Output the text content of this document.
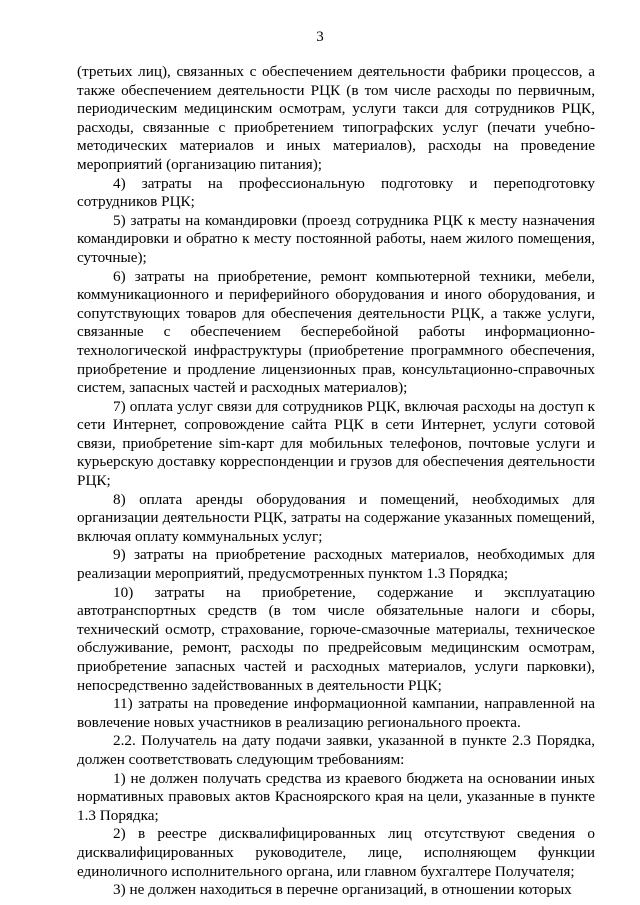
3

(третьих лиц), связанных с обеспечением деятельности фабрики процессов, а также обеспечением деятельности РЦК (в том числе расходы по первичным, периодическим медицинским осмотрам, услуги такси для сотрудников РЦК, расходы, связанные с приобретением типографских услуг (печати учебно-методических материалов и иных материалов), расходы на проведение мероприятий (организацию питания);

4) затраты на профессиональную подготовку и переподготовку сотрудников РЦК;

5) затраты на командировки (проезд сотрудника РЦК к месту назначения командировки и обратно к месту постоянной работы, наем жилого помещения, суточные);

6) затраты на приобретение, ремонт компьютерной техники, мебели, коммуникационного и периферийного оборудования и иного оборудования, и сопутствующих товаров для обеспечения деятельности РЦК, а также услуги, связанные с обеспечением бесперебойной работы информационно-технологической инфраструктуры (приобретение программного обеспечения, приобретение и продление лицензионных прав, консультационно-справочных систем, запасных частей и расходных материалов);

7) оплата услуг связи для сотрудников РЦК, включая расходы на доступ к сети Интернет, сопровождение сайта РЦК в сети Интернет, услуги сотовой связи, приобретение sim-карт для мобильных телефонов, почтовые услуги и курьерскую доставку корреспонденции и грузов для обеспечения деятельности РЦК;

8) оплата аренды оборудования и помещений, необходимых для организации деятельности РЦК, затраты на содержание указанных помещений, включая оплату коммунальных услуг;

9) затраты на приобретение расходных материалов, необходимых для реализации мероприятий, предусмотренных пунктом 1.3 Порядка;

10) затраты на приобретение, содержание и эксплуатацию автотранспортных средств (в том числе обязательные налоги и сборы, технический осмотр, страхование, горюче-смазочные материалы, техническое обслуживание, ремонт, расходы по предрейсовым медицинским осмотрам, приобретение запасных частей и расходных материалов, услуги парковки), непосредственно задействованных в деятельности РЦК;

11) затраты на проведение информационной кампании, направленной на вовлечение новых участников в реализацию регионального проекта.

2.2. Получатель на дату подачи заявки, указанной в пункте 2.3 Порядка, должен соответствовать следующим требованиям:

1) не должен получать средства из краевого бюджета на основании иных нормативных правовых актов Красноярского края на цели, указанные в пункте 1.3 Порядка;

2) в реестре дисквалифицированных лиц отсутствуют сведения о дисквалифицированных руководителе, лице, исполняющем функции единоличного исполнительного органа, или главном бухгалтере Получателя;

3) не должен находиться в перечне организаций, в отношении которых
